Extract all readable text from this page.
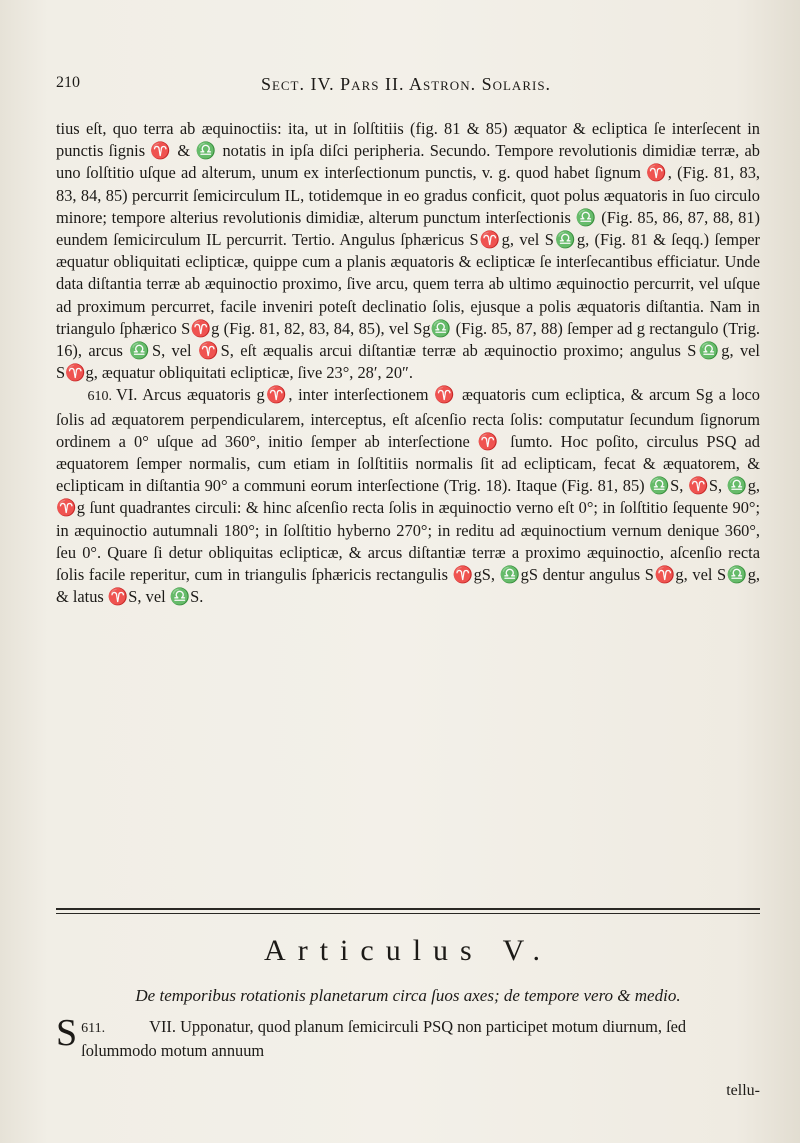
210	Sect. IV. Pars II. Astron. Solaris.

tius eſt, quo terra ab æquinoctiis: ita, ut in ſolſtitiis (fig. 81 & 85) æquator & ecliptica ſe interſecent in punctis ſignis ♈ & ♎ notatis in ipſa diſci peripheria. Secundo. Tempore revolutionis dimidiæ terræ, ab uno ſolſtitio uſque ad alterum, unum ex interſectionum punctis, v. g. quod habet ſignum ♈, (Fig. 81, 83, 83, 84, 85) percurrit ſemicirculum IL, totidemque in eo gradus conficit, quot polus æquatoris in ſuo circulo minore; tempore alterius revolutionis dimidiæ, alterum punctum interſectionis ♎ (Fig. 85, 86, 87, 88, 81) eundem ſemicirculum IL percurrit. Tertio. Angulus ſphæricus S♈g, vel S♎g, (Fig. 81 & ſeqq.) ſemper æquatur obliquitati eclipticæ, quippe cum a planis æquatoris & eclipticæ ſe interſecantibus efficiatur. Unde data diſtantia terræ ab æquinoctio proximo, ſive arcu, quem terra ab ultimo æquinoctio percurrit, vel uſque ad proximum percurret, facile inveniri poteſt declinatio ſolis, ejusque a polis æquatoris diſtantia. Nam in triangulo ſphærico S♈g (Fig. 81, 82, 83, 84, 85), vel Sg♎ (Fig. 85, 87, 88) ſemper ad g rectangulo (Trig. 16), arcus ♎S, vel ♈S, eſt æqualis arcui diſtantiæ terræ ab æquinoctio proximo; angulus S♎g, vel S♈g, æquatur obliquitati eclipticæ, ſive 23°, 28′, 20″.

610. VI. Arcus æquatoris g♈, inter interſectionem ♈ æquatoris cum ecliptica, & arcum Sg a loco ſolis ad æquatorem perpendicularem, interceptus, eſt aſcenſio recta ſolis: computatur ſecundum ſignorum ordinem a 0° uſque ad 360°, initio ſemper ab interſectione ♈ ſumto. Hoc poſito, circulus PSQ ad æquatorem ſemper normalis, cum etiam in ſolſtitiis normalis ſit ad eclipticam, fecat & æquatorem, & eclipticam in diſtantia 90° a communi eorum interſectione (Trig. 18). Itaque (Fig. 81, 85) ♎S, ♈S, ♎g, ♈g ſunt quadrantes circuli: & hinc aſcenſio recta ſolis in æquinoctio verno eſt 0°; in ſolſtitio ſequente 90°; in æquinoctio autumnali 180°; in ſolſtitio hyberno 270°; in reditu ad æquinoctium vernum denique 360°, ſeu 0°. Quare ſi detur obliquitas eclipticæ, & arcus diſtantiæ terræ a proximo æquinoctio, aſcenſio recta ſolis facile reperitur, cum in triangulis ſphæricis rectangulis ♈gS, ♎gS dentur angulus S♈g, vel S♎g, & latus ♈S, vel ♎S.

Articulus V.
De temporibus rotationis planetarum circa ſuos axes; de tempore vero & medio.
611.
S	VII. Upponatur, quod planum ſemicirculi PSQ non participet motum diurnum, ſed ſolummodo motum annuum
tellu-
